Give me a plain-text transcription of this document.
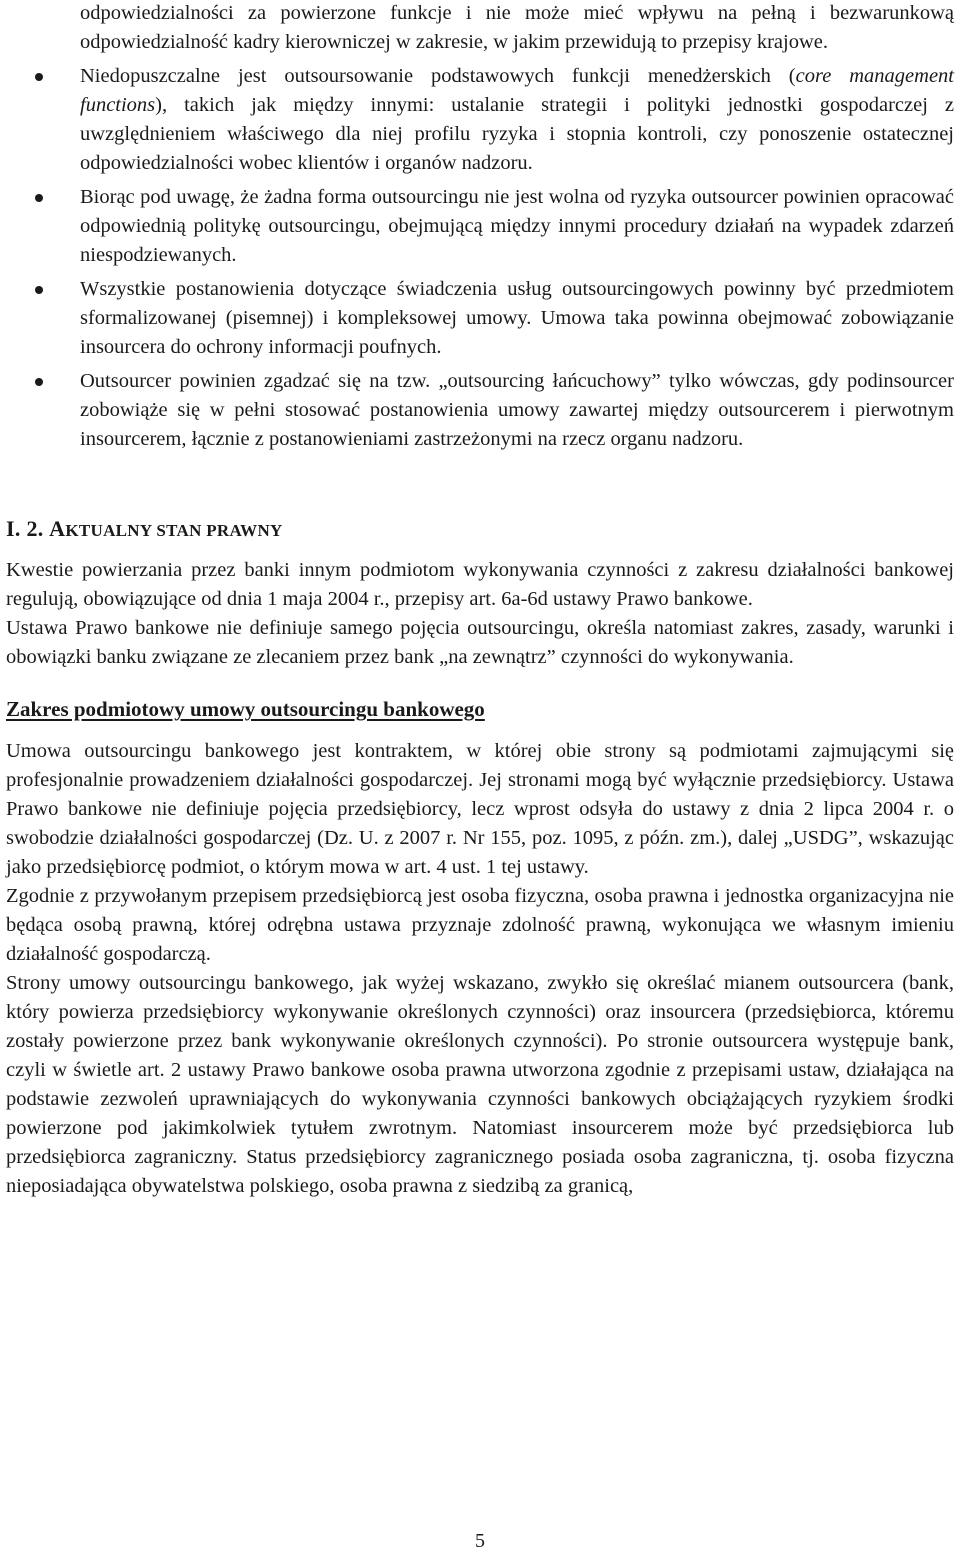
odpowiedzialności za powierzone funkcje i nie może mieć wpływu na pełną i bezwarunkową odpowiedzialność kadry kierowniczej w zakresie, w jakim przewidują to przepisy krajowe.

Niedopuszczalne jest outsoursowanie podstawowych funkcji menedżerskich (core management functions), takich jak między innymi: ustalanie strategii i polityki jednostki gospodarczej z uwzględnieniem właściwego dla niej profilu ryzyka i stopnia kontroli, czy ponoszenie ostatecznej odpowiedzialności wobec klientów i organów nadzoru.
Biorąc pod uwagę, że żadna forma outsourcingu nie jest wolna od ryzyka outsourcer powinien opracować odpowiednią politykę outsourcingu, obejmującą między innymi procedury działań na wypadek zdarzeń niespodziewanych.
Wszystkie postanowienia dotyczące świadczenia usług outsourcingowych powinny być przedmiotem sformalizowanej (pisemnej) i kompleksowej umowy. Umowa taka powinna obejmować zobowiązanie insourcera do ochrony informacji poufnych.
Outsourcer powinien zgadzać się na tzw. „outsourcing łańcuchowy” tylko wówczas, gdy podinsourcer zobowiąże się w pełni stosować postanowienia umowy zawartej między outsourcerem i pierwotnym insourcerem, łącznie z postanowieniami zastrzeżonymi na rzecz organu nadzoru.
I. 2. AKTUALNY STAN PRAWNY

Kwestie powierzania przez banki innym podmiotom wykonywania czynności z zakresu działalności bankowej regulują, obowiązujące od dnia 1 maja 2004 r., przepisy art. 6a-6d ustawy Prawo bankowe.

Ustawa Prawo bankowe nie definiuje samego pojęcia outsourcingu, określa natomiast zakres, zasady, warunki i obowiązki banku związane ze zlecaniem przez bank „na zewnątrz” czynności do wykonywania.

Zakres podmiotowy umowy outsourcingu bankowego

Umowa outsourcingu bankowego jest kontraktem, w której obie strony są podmiotami zajmującymi się profesjonalnie prowadzeniem działalności gospodarczej. Jej stronami mogą być wyłącznie przedsiębiorcy. Ustawa Prawo bankowe nie definiuje pojęcia przedsiębiorcy, lecz wprost odsyła do ustawy z dnia 2 lipca 2004 r. o swobodzie działalności gospodarczej (Dz. U. z 2007 r. Nr 155, poz. 1095, z późn. zm.), dalej „USDG”, wskazując jako przedsiębiorcę podmiot, o którym mowa w art. 4 ust. 1 tej ustawy.

Zgodnie z przywołanym przepisem przedsiębiorcą jest osoba fizyczna, osoba prawna i jednostka organizacyjna nie będąca osobą prawną, której odrębna ustawa przyznaje zdolność prawną, wykonująca we własnym imieniu działalność gospodarczą.

Strony umowy outsourcingu bankowego, jak wyżej wskazano, zwykło się określać mianem outsourcera (bank, który powierza przedsiębiorcy wykonywanie określonych czynności) oraz insourcera (przedsiębiorca, któremu zostały powierzone przez bank wykonywanie określonych czynności). Po stronie outsourcera występuje bank, czyli w świetle art. 2 ustawy Prawo bankowe osoba prawna utworzona zgodnie z przepisami ustaw, działająca na podstawie zezwoleń uprawniających do wykonywania czynności bankowych obciążających ryzykiem środki powierzone pod jakimkolwiek tytułem zwrotnym. Natomiast insourcerem może być przedsiębiorca lub przedsiębiorca zagraniczny. Status przedsiębiorcy zagranicznego posiada osoba zagraniczna, tj. osoba fizyczna nieposiadająca obywatelstwa polskiego, osoba prawna z siedzibą za granicą,

5
